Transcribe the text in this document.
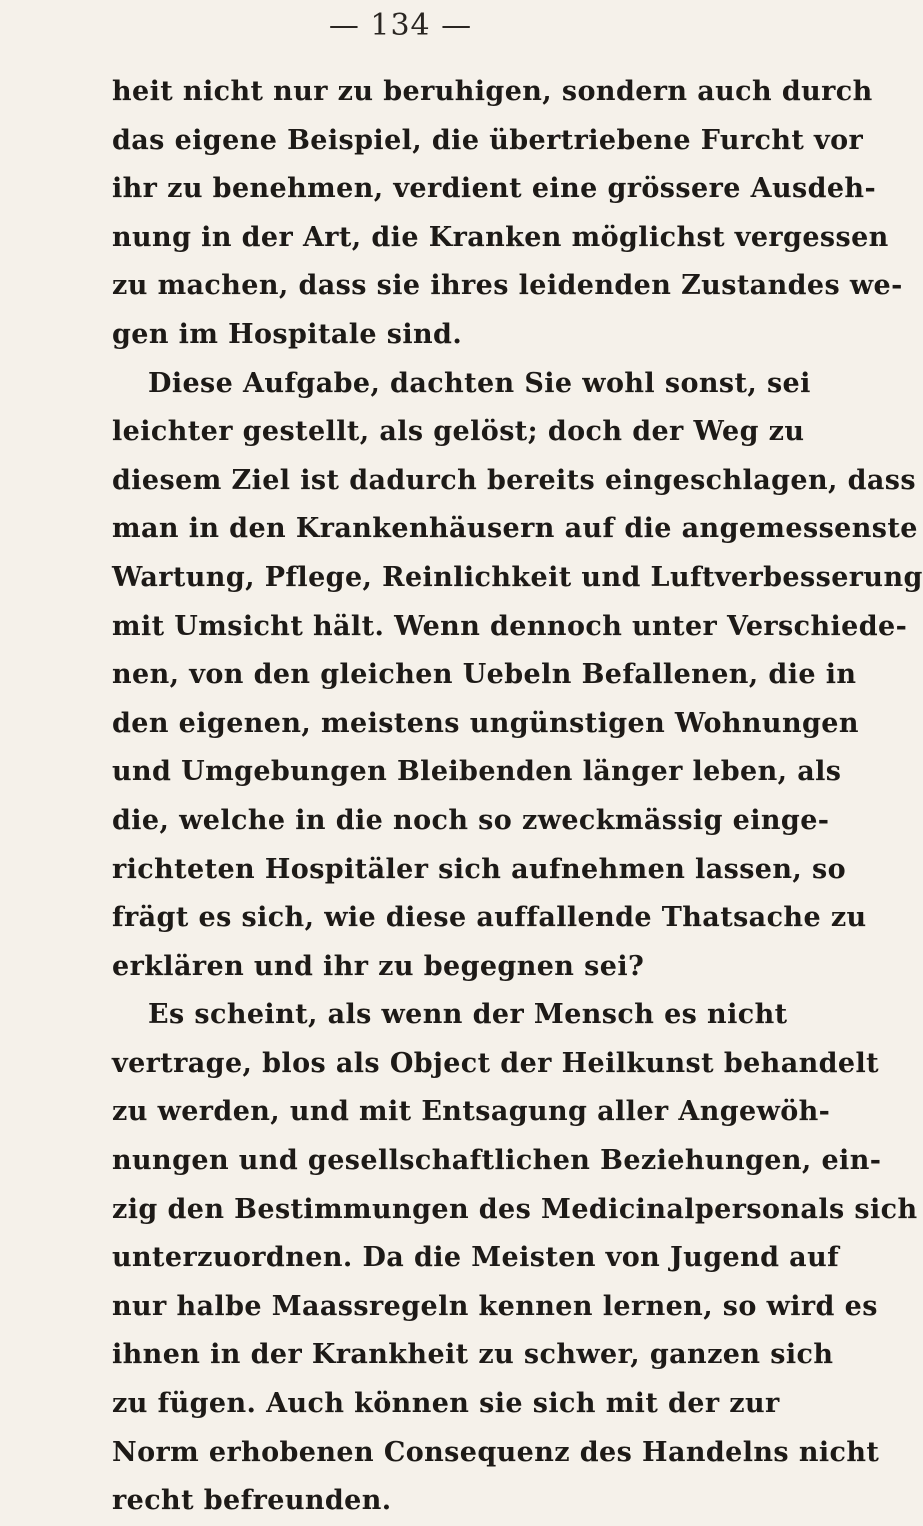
— 134 —
heit nicht nur zu beruhigen, sondern auch durch
das eigene Beispiel, die übertriebene Furcht vor
ihr zu benehmen, verdient eine grössere Ausdeh-
nung in der Art, die Kranken möglichst vergessen
zu machen, dass sie ihres leidenden Zustandes we-
gen im Hospitale sind.
Diese Aufgabe, dachten Sie wohl sonst, sei
leichter gestellt, als gelöst; doch der Weg zu
diesem Ziel ist dadurch bereits eingeschlagen, dass
man in den Krankenhäusern auf die angemessenste
Wartung, Pflege, Reinlichkeit und Luftverbesserung
mit Umsicht hält. Wenn dennoch unter Verschiede-
nen, von den gleichen Uebeln Befallenen, die in
den eigenen, meistens ungünstigen Wohnungen
und Umgebungen Bleibenden länger leben, als
die, welche in die noch so zweckmässig einge-
richteten Hospitäler sich aufnehmen lassen, so
frägt es sich, wie diese auffallende Thatsache zu
erklären und ihr zu begegnen sei?
Es scheint, als wenn der Mensch es nicht
vertrage, blos als Object der Heilkunst behandelt
zu werden, und mit Entsagung aller Angewöh-
nungen und gesellschaftlichen Beziehungen, ein-
zig den Bestimmungen des Medicinalpersonals sich
unterzuordnen. Da die Meisten von Jugend auf
nur halbe Maassregeln kennen lernen, so wird es
ihnen in der Krankheit zu schwer, ganzen sich
zu fügen. Auch können sie sich mit der zur
Norm erhobenen Consequenz des Handelns nicht
recht befreunden.
